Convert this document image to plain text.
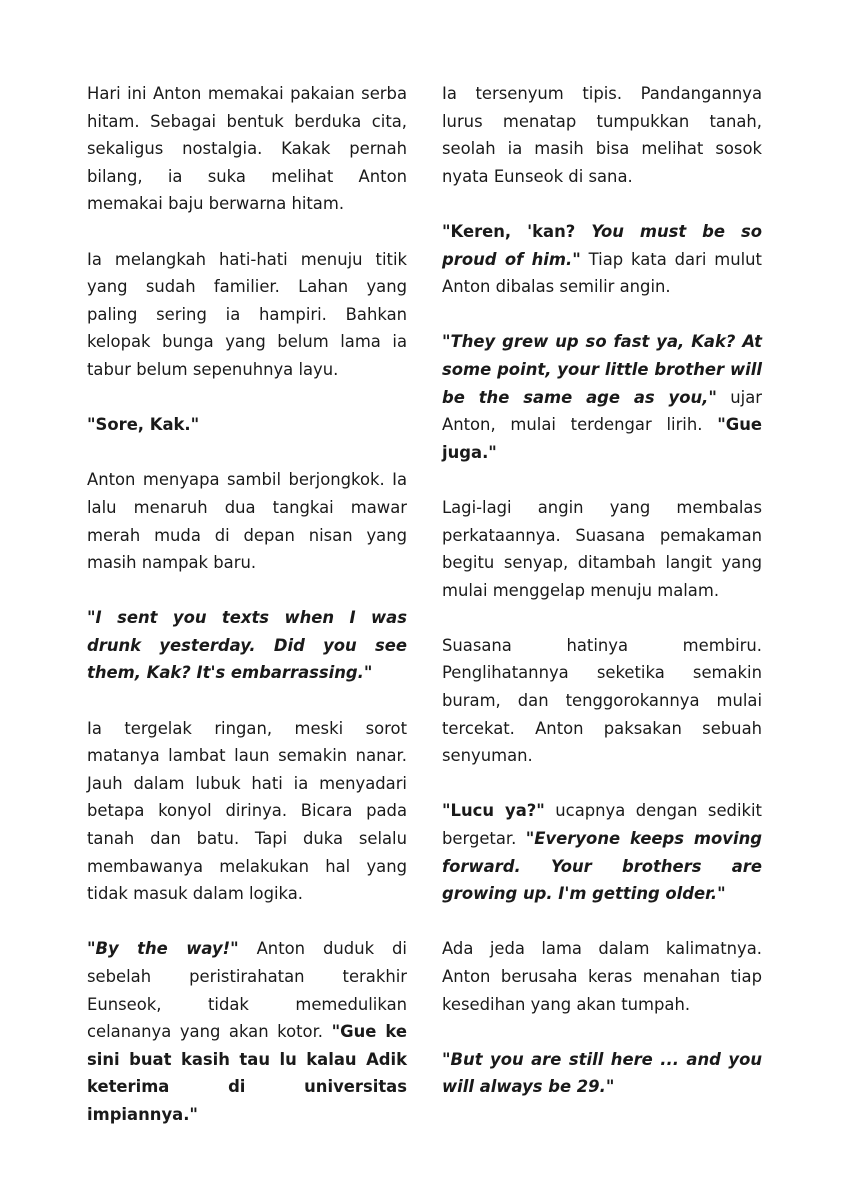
Hari ini Anton memakai pakaian serba hitam. Sebagai bentuk berduka cita, sekaligus nostalgia. Kakak pernah bilang, ia suka melihat Anton memakai baju berwarna hitam.

Ia melangkah hati-hati menuju titik yang sudah familier. Lahan yang paling sering ia hampiri. Bahkan kelopak bunga yang belum lama ia tabur belum sepenuhnya layu.

"Sore, Kak."

Anton menyapa sambil berjongkok. Ia lalu menaruh dua tangkai mawar merah muda di depan nisan yang masih nampak baru.

"I sent you texts when I was drunk yesterday. Did you see them, Kak? It's embarrassing."

Ia tergelak ringan, meski sorot matanya lambat laun semakin nanar. Jauh dalam lubuk hati ia menyadari betapa konyol dirinya. Bicara pada tanah dan batu. Tapi duka selalu membawanya melakukan hal yang tidak masuk dalam logika.

"By the way!" Anton duduk di sebelah peristirahatan terakhir Eunseok, tidak memedulikan celananya yang akan kotor. "Gue ke sini buat kasih tau lu kalau Adik keterima di universitas impiannya."

Ia tersenyum tipis. Pandangannya lurus menatap tumpukkan tanah, seolah ia masih bisa melihat sosok nyata Eunseok di sana.

"Keren, 'kan? You must be so proud of him." Tiap kata dari mulut Anton dibalas semilir angin.

"They grew up so fast ya, Kak? At some point, your little brother will be the same age as you," ujar Anton, mulai terdengar lirih. "Gue juga."

Lagi-lagi angin yang membalas perkataannya. Suasana pemakaman begitu senyap, ditambah langit yang mulai menggelap menuju malam.

Suasana hatinya membiru. Penglihatannya seketika semakin buram, dan tenggorokannya mulai tercekat. Anton paksakan sebuah senyuman.

"Lucu ya?" ucapnya dengan sedikit bergetar. "Everyone keeps moving forward. Your brothers are growing up. I'm getting older."

Ada jeda lama dalam kalimatnya. Anton berusaha keras menahan tiap kesedihan yang akan tumpah.

"But you are still here ... and you will always be 29."
